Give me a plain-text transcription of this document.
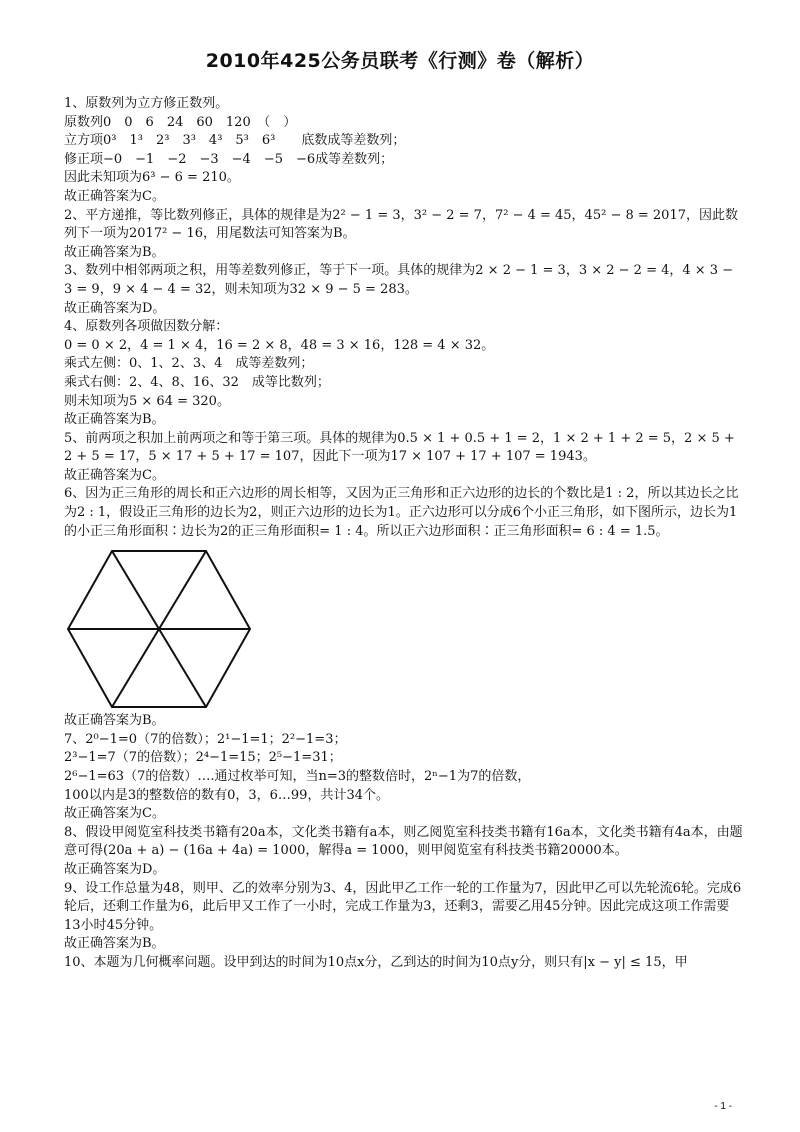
2010年425公务员联考《行测》卷（解析）

1、原数列为立方修正数列。

原数列0　0　6　24　60　120　（　）

立方项0³　1³　2³　3³　4³　5³　6³　　底数成等差数列；

修正项−0　−1　−2　−3　−4　−5　−6成等差数列；

因此未知项为6³ − 6 = 210。

故正确答案为C。

2、平方递推，等比数列修正，具体的规律是为2² − 1 = 3，3² − 2 = 7，7² − 4 = 45，45² − 8 = 2017，因此数列下一项为2017² − 16，用尾数法可知答案为B。

故正确答案为B。

3、数列中相邻两项之积，用等差数列修正，等于下一项。具体的规律为2 × 2 − 1 = 3，3 × 2 − 2 = 4，4 × 3 − 3 = 9，9 × 4 − 4 = 32，则未知项为32 × 9 − 5 = 283。

故正确答案为D。

4、原数列各项做因数分解：

0 = 0 × 2，4 = 1 × 4，16 = 2 × 8，48 = 3 × 16，128 = 4 × 32。

乘式左侧：0、1、2、3、4　成等差数列；

乘式右侧：2、4、8、16、32　成等比数列；

则未知项为5 × 64 = 320。

故正确答案为B。

5、前两项之积加上前两项之和等于第三项。具体的规律为0.5 × 1 + 0.5 + 1 = 2，1 × 2 + 1 + 2 = 5，2 × 5 + 2 + 5 = 17，5 × 17 + 5 + 17 = 107，因此下一项为17 × 107 + 17 + 107 = 1943。

故正确答案为C。

6、因为正三角形的周长和正六边形的周长相等，又因为正三角形和正六边形的边长的个数比是1 : 2，所以其边长之比为2 : 1，假设正三角形的边长为2，则正六边形的边长为1。正六边形可以分成6个小正三角形，如下图所示，边长为1的小正三角形面积∶边长为2的正三角形面积= 1 : 4。所以正六边形面积∶正三角形面积= 6 : 4 = 1.5。

故正确答案为B。

7、2⁰−1=0（7的倍数）；2¹−1=1；2²−1=3；

2³−1=7（7的倍数）；2⁴−1=15；2⁵−1=31；

2⁶−1=63（7的倍数）….通过枚举可知，当n=3的整数倍时，2ⁿ−1为7的倍数，

100以内是3的整数倍的数有0，3，6…99，共计34个。

故正确答案为C。

8、假设甲阅览室科技类书籍有20a本，文化类书籍有a本，则乙阅览室科技类书籍有16a本，文化类书籍有4a本，由题意可得(20a + a) − (16a + 4a) = 1000，解得a = 1000，则甲阅览室有科技类书籍20000本。

故正确答案为D。

9、设工作总量为48，则甲、乙的效率分别为3、4，因此甲乙工作一轮的工作量为7，因此甲乙可以先轮流6轮。完成6轮后，还剩工作量为6，此后甲又工作了一小时，完成工作量为3，还剩3，需要乙用45分钟。因此完成这项工作需要13小时45分钟。

故正确答案为B。

10、本题为几何概率问题。设甲到达的时间为10点x分，乙到达的时间为10点y分，则只有|x − y| ≤ 15，甲

- 1 -
